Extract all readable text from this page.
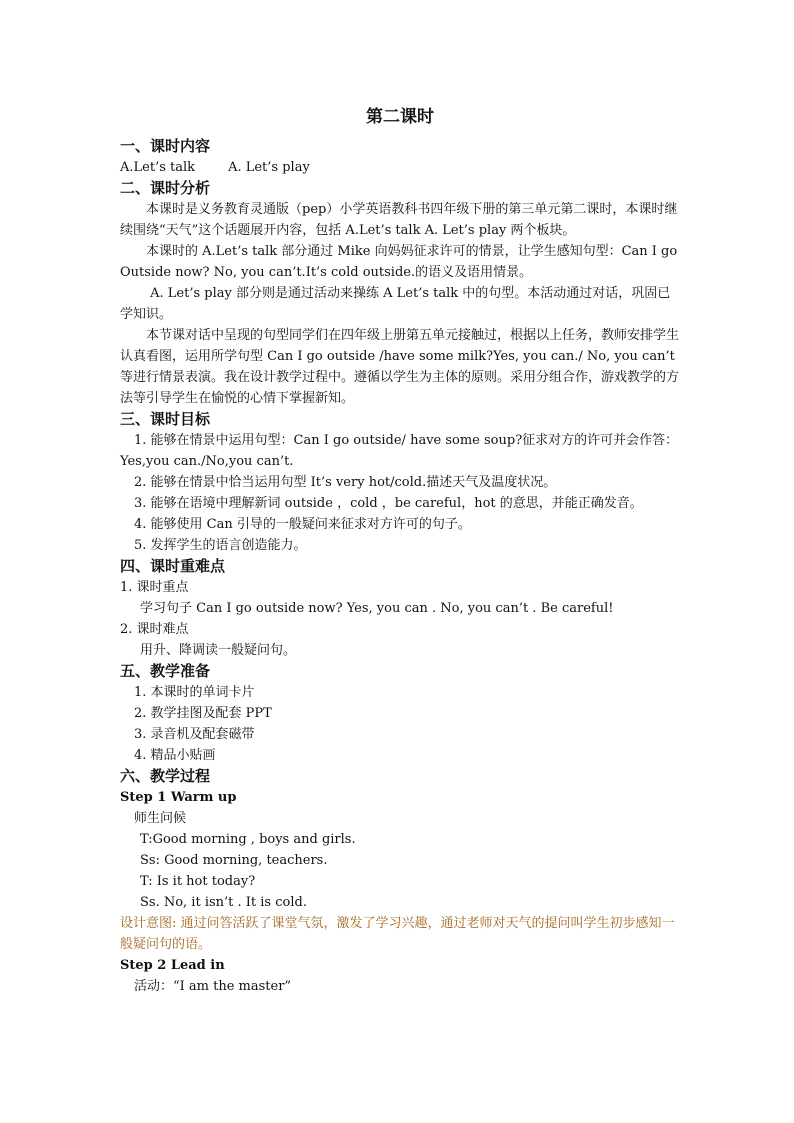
第二课时
一、课时内容
A.Let’s talk        A. Let’s play
二、课时分析
本课时是义务教育灵通版（pep）小学英语教科书四年级下册的第三单元第二课时，本课时继续围绕“天气”这个话题展开内容，包括 A.Let’s talk A. Let’s play 两个板块。
本课时的 A.Let’s talk 部分通过 Mike 向妈妈征求许可的情景，让学生感知句型：Can I go
Outside now? No, you can’t.It’s cold outside.的语义及语用情景。
A. Let’s play 部分则是通过活动来操练 A Let’s talk 中的句型。本活动通过对话，巩固已学知识。
本节课对话中呈现的句型同学们在四年级上册第五单元接触过，根据以上任务，教师安排学生认真看图，运用所学句型 Can I go outside /have some milk?Yes, you can./ No, you can’t等进行情景表演。我在设计教学过程中。遵循以学生为主体的原则。采用分组合作，游戏教学的方法等引导学生在愉悦的心情下掌握新知。
三、课时目标
1. 能够在情景中运用句型：Can I go outside/ have some soup?征求对方的许可并会作答：
Yes,you can./No,you can’t.
2. 能够在情景中恰当运用句型 It’s very hot/cold.描述天气及温度状况。
3. 能够在语境中理解新词 outside ，cold ，be careful，hot 的意思，并能正确发音。
4. 能够使用 Can 引导的一般疑问来征求对方许可的句子。
5. 发挥学生的语言创造能力。
四、课时重难点
1. 课时重点
学习句子 Can I go outside now? Yes, you can . No, you can’t . Be careful!
2. 课时难点
用升、降调读一般疑问句。
五、教学准备
1. 本课时的单词卡片
2. 教学挂图及配套 PPT
3. 录音机及配套磁带
4. 精品小贴画
六、教学过程
Step 1 Warm up
师生问候
T:Good morning , boys and girls.
Ss: Good morning, teachers.
T: Is it hot today?
Ss. No, it isn’t . It is cold.
设计意图: 通过问答活跃了课堂气氛，激发了学习兴趣，通过老师对天气的提问叫学生初步感知一般疑问句的语。
Step 2 Lead in
活动：“I am the master”
